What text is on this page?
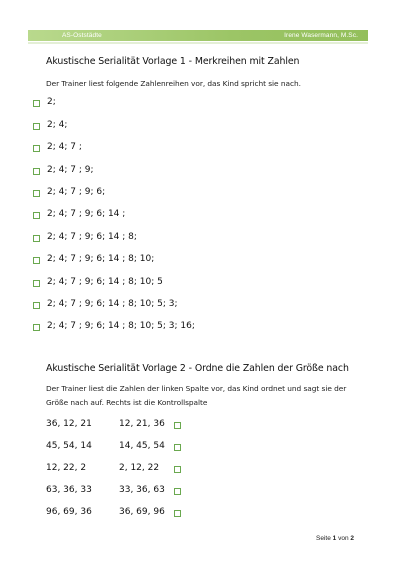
AS-Oststädte	Irene Wasermann, M.Sc.
Akustische Serialität Vorlage 1 - Merkreihen mit Zahlen
Der Trainer liest folgende Zahlenreihen vor, das Kind spricht sie nach.
2;
2; 4;
2; 4; 7 ;
2; 4; 7 ; 9;
2; 4; 7 ; 9; 6;
2; 4; 7 ; 9; 6; 14 ;
2; 4; 7 ; 9; 6; 14 ; 8;
2; 4; 7 ; 9; 6; 14 ; 8; 10;
2; 4; 7 ; 9; 6; 14 ; 8; 10; 5
2; 4; 7 ; 9; 6; 14 ; 8; 10; 5; 3;
2; 4; 7 ; 9; 6; 14 ; 8; 10; 5; 3; 16;
Akustische Serialität Vorlage 2 - Ordne die Zahlen der Größe nach
Der Trainer liest die Zahlen der linken Spalte vor, das Kind ordnet und sagt sie der
Größe nach auf. Rechts ist die Kontrollspalte
36, 12, 21	12, 21, 36
45, 54, 14	14, 45, 54
12, 22, 2	2, 12, 22
63, 36, 33	33, 36, 63
96, 69, 36	36, 69, 96
Seite 1 von 2
